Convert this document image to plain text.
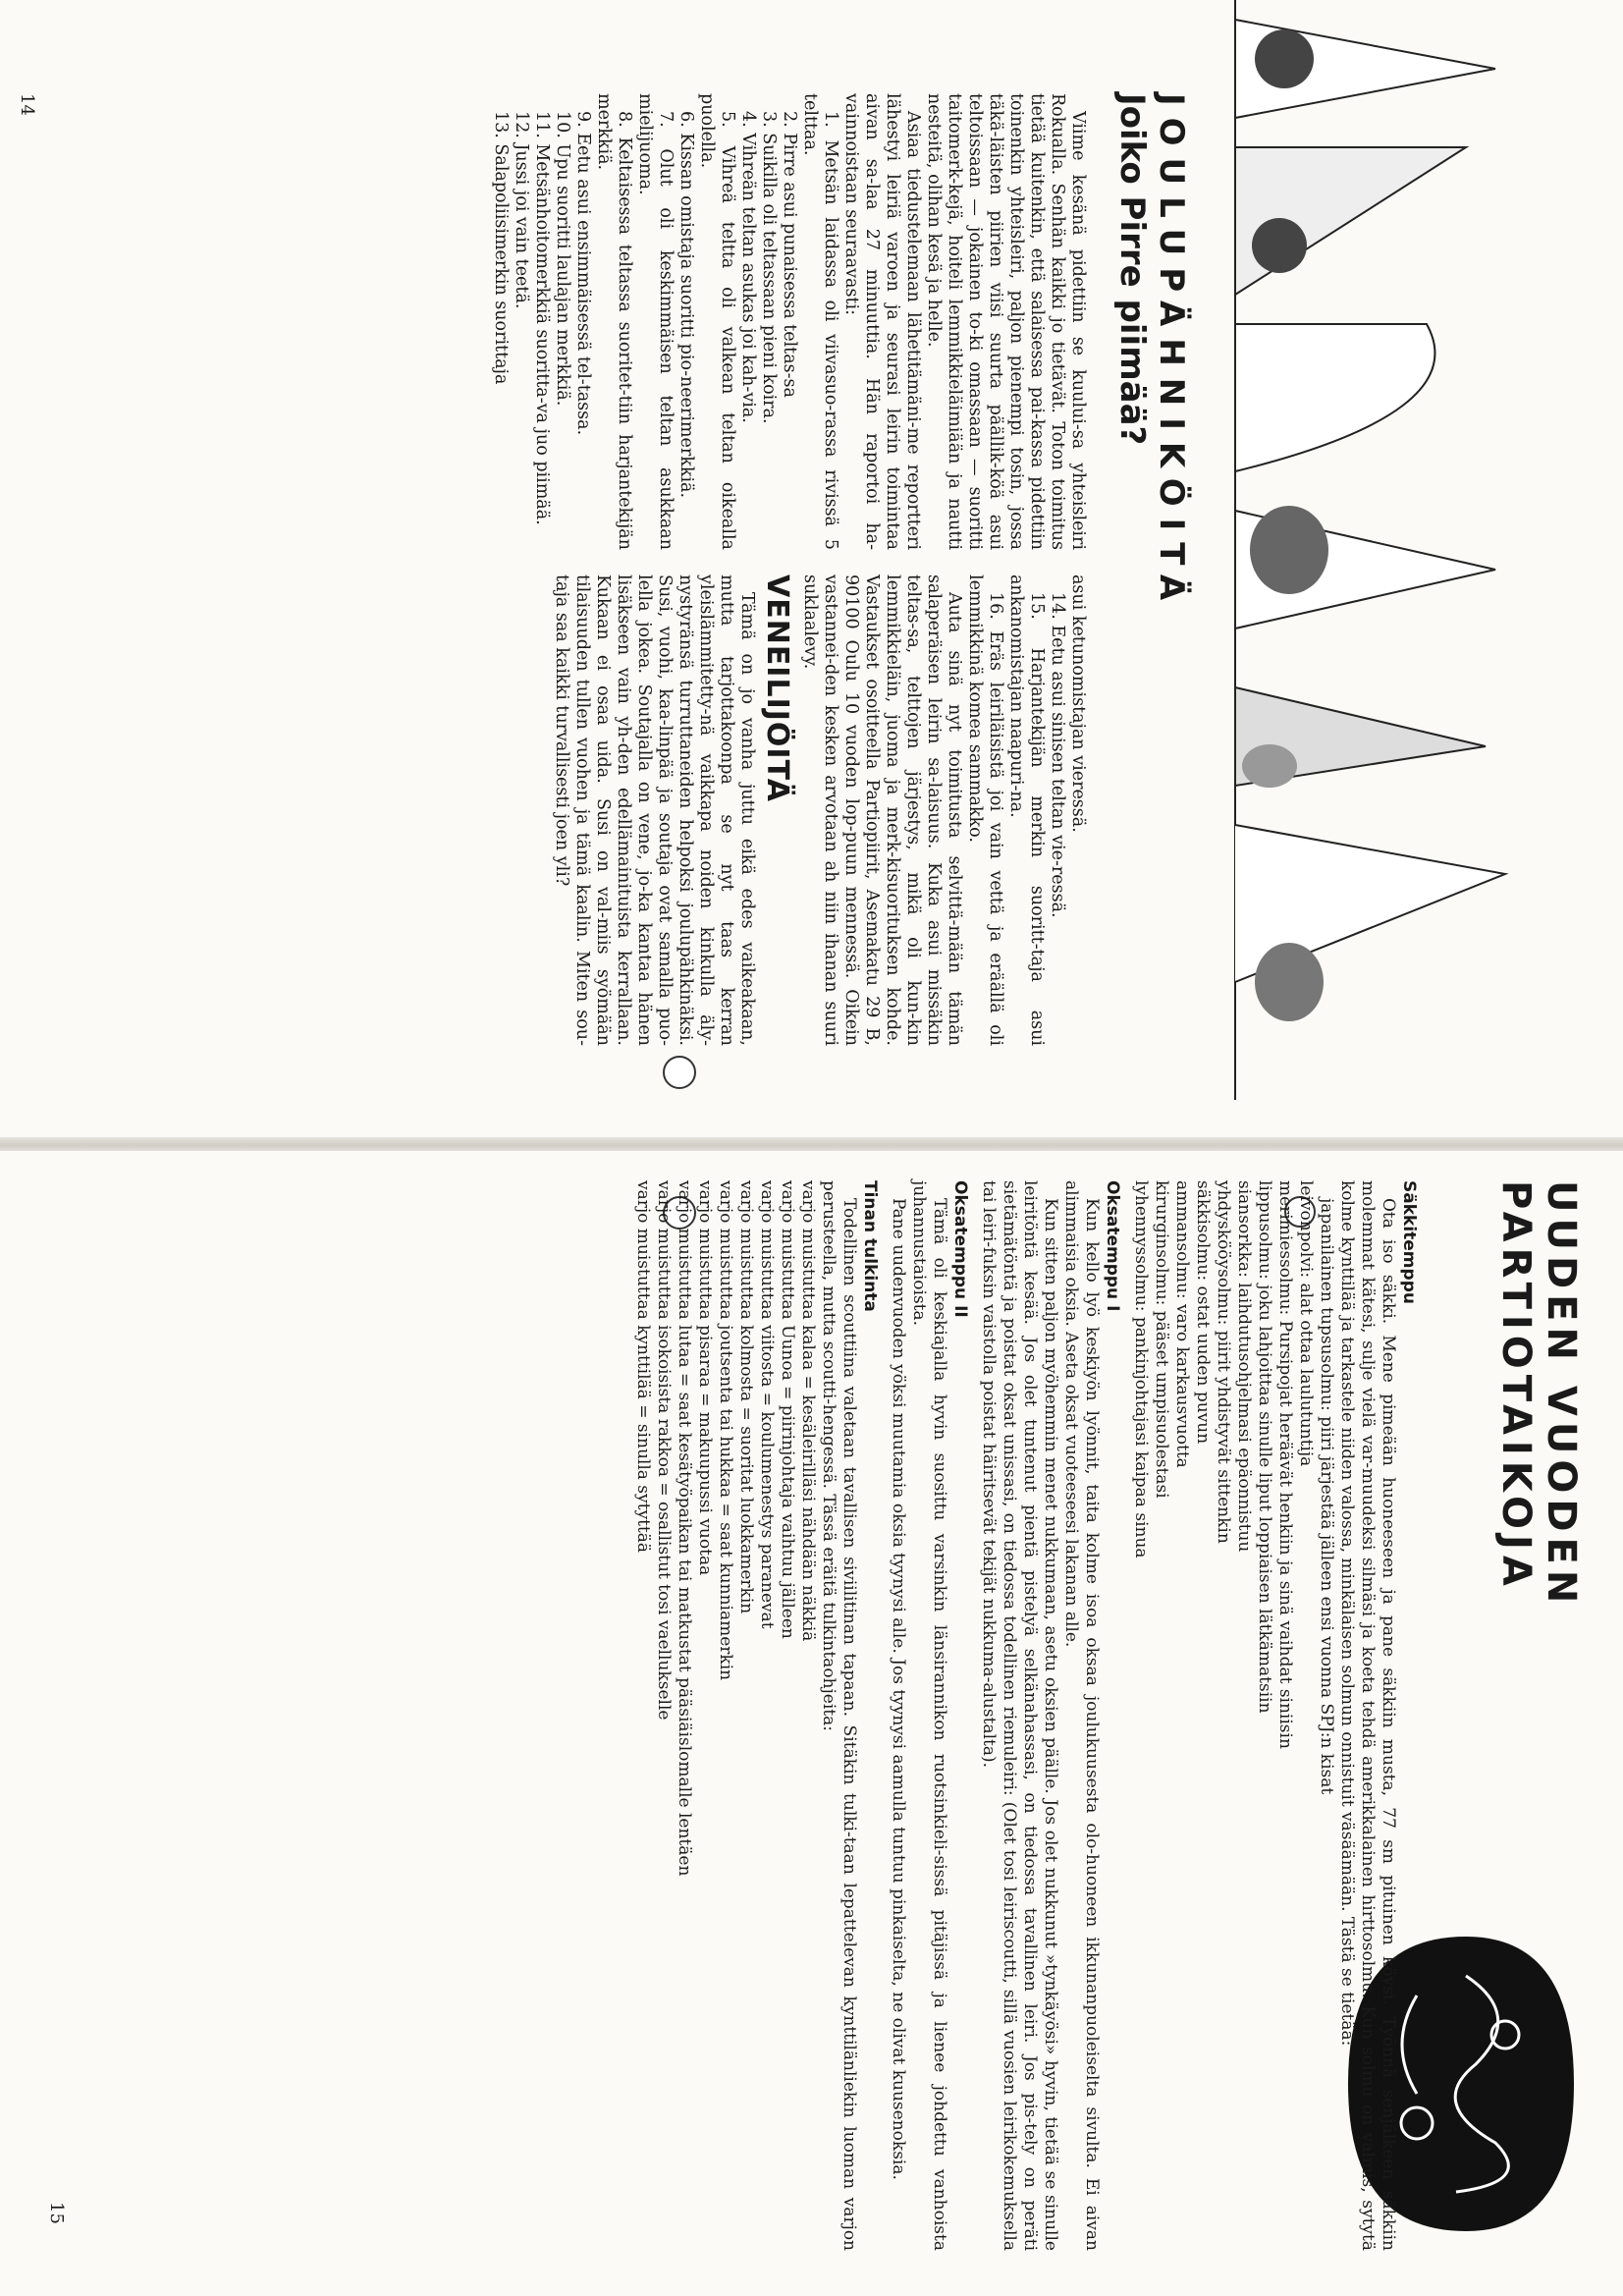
JOULUPÄHNIKÖITÄ
Joiko Pirre piimää?

Viime kesänä pidettiin se kuului-sa yhteisleiri Rokualla. Senhän kaikki jo tietävät. Toton toimitus tietää kuitenkin, että salaisessa pai-kassa pidettiin toinenkin yhteisleiri, paljon pienempi tosin, jossa täkä-läisten piirien viisi suurta päällik-köä asui teltoissaan — jokainen to-ki omassaan — suoritti taitomerk-kejä, hoiteli lemmikkieläimiään ja nautti nesteitä, olihan kesä ja helle.

Asiaa tiedustelemaan lähetitämäni-me reportteri lähestyi leiriä varoen ja seurasi leirin toimintaa aivan sa-laa 27 minuuttia. Hän raportoi ha-vainnoistaan seuraavasti:

1. Metsän laidassa oli viivasuo-rassa rivissä 5 telttaa.

2. Pirre asui punaisessa teltas-sa

3. Suikilla oli teltassaan pieni koira.

4. Vihreän teltan asukas joi kah-via.

5. Vihreä teltta oli valkean teltan oikealla puolella.

6. Kissan omistaja suoritti pio-neerimerkkiä.

7. Olut oli keskimmäisen teltan asukkaan mielijuoma.

8. Keltaisessa teltassa suoritet-tiin harjantekijän merkkiä.

9. Eetu asui ensimmäisessä tel-tassa.

10. Upu suoritti laulajan merkkiä.

11. Metsänhoitomerkkiä suoritta-va juo piimää.

12. Jussi joi vain teetä.

13. Salapoliisimerkin suorittaja

asui ketunomistajan vieressä.

14. Eetu asui sinisen teltan vie-ressä.

15. Harjantekijän merkin suoritt-taja asui ankanomistajan naapuri-na.

16. Eräs leiriläisistä joi vain vettä ja eräällä oli lemmikkinä komea sammakko.

Auta sinä nyt toimitusta selvittä-mään tämän salaperäisen leirin sa-laisuus. Kuka asui missäkin teltas-sa, telttojen järjestys, mikä oli kun-kin lemmikkieläin, juoma ja merk-kisuorituksen kohde. Vastaukset osoitteella Partiopiirit, Asemakatu 29 B, 90100 Oulu 10 vuoden lop-puun mennessä. Oikein vastannei-den kesken arvotaan ah niin ihanan suuri suklaalevy.

VENEILIJÖITÄ

Tämä on jo vanha juttu eikä edes vaikeakaan, mutta tarjottakoonpa se nyt taas kerran yleislämmitetty-nä vaikkapa noiden kinkulla äly-nystyränsä turruttaneiden helpoksi joulupähkinäksi. Susi, vuohi, kaa-linpää ja soutaja ovat samalla puo-lella jokea. Soutajalla on vene, jo-ka kantaa hänen lisäkseen vain yh-den edellämainituista kerrallaan. Kukaan ei osaa uida. Susi on val-miis syömään tilaisuuden tullen vuohen ja tämä kaalin. Miten sou-taja saa kaikki turvallisesti joen yli?

14
UUDEN VUODEN
PARTIOTAIKOJA
Säkkitemppu

Ota iso säkki. Mene pimeään huoneeseen ja pane säkkiin musta, 77 sm pituinen köysi. Työnnä senjälkeen säkkiin molemmat kätesi, sulje vielä var-muudeksi silmäsi ja koeta tehdä amerikkalainen hirttosolmu. Kun solmu on valmis, sytytä kolme kynttilää ja tarkastele niiden valossa, minkälaisen solmun onnistuit väsäämään. Tästä se tietää:

japanilainen tupsusolmu: piiri järjestää jälleen ensi vuonna SPJ:n kisat

leivonpolvi: alat ottaa laulutuntija

merimiessolmu: Pursipojat heräävät henkiin ja sinä vaihdat siniisin

lippusolmu: joku lahjoittaa sinulle liput loppiaisen lätkämatsiin

siansorkka: laihdutusohjelmasi epäonnistuu

yhdyskööysolmu: piirit yhdistyvät sittenkin

säkkisolmu: ostat uuden puvun

ammansolmu: varo karkausvuotta

kirurginsolmu: pääset umpisuolestasi

lyhennyssolmu: pankinjohtajasi kaipaa sinua

Oksatemppu I

Kun kello lyö keskiyön lyönnit, taita kolme isoa oksaa joulukuusesta olo-huoneen ikkunanpuoleiselta sivulta. Ei aivan alimmaisia oksia. Aseta oksat vuoteeseesi lakanan alle.

Kun sitten paljon myöhemmin menet nukkumaan, asetu oksien päälle. Jos olet nukkunut »tynkäyösi» hyvin, tietää se sinulle leiritöntä kesää. Jos olet tuntenut pientä pistelyä selkänahassasi, on tiedossa tavallinen leiri. Jos pis-tely on peräti sietämätöntä ja poistat oksat unissasi, on tiedossa todellinen riemuleiri: (Olet tosi leiriscoutti, sillä vuosien leirikokemuksella tai leiri-fuksin vaistolla poistat häiritsevät tekijät nukkuma-alustalta).

Oksatemppu II

Tämä oli keskiajalla hyvin suosittu varsinkin länsirannikon ruotsinkieli-sissä pitäjissä ja lienee johdettu vanhoista juhannustaioista.

Pane uudenvuoden yöksi muutamia oksia tyynysi alle. Jos tyynysi aamulla tuntuu pinkaiselta, ne olivat kuusenoksia.

Tinan tulkinta

Todellinen scouttiina valetaan tavallisen siviilitinan tapaan. Sitäkin tulki-taan lepattelevan kynttilänliekin luoman varjon perusteella, mutta scoutti-hengessä. Tässä eräitä tulkintaohjeita:

varjo muistuttaa kalaa = kesäleirilläsi nähdään näkkiä

varjo muistuttaa Uunoa = piirinjohtaja vaihtuu jälleen

varjo muistuttaa viitosta = koulumenestys paranevat

varjo muistuttaa kolmosta = suoritat luokkamerkin

varjo muistuttaa joutsenta tai hukkaa = saat kunniamerkin

varjo muistuttaa pisaraa = makuupussi vuotaa

varjo muistuttaa lutaa = saat kesätyöpaikan tai matkustat pääsiäislomalle lentäen

varjo muistuttaa isokoisista rakkoa = osallistut tosi vaellukselle

varjo muistuttaa kynttilää = sinulla sytyttää

15
